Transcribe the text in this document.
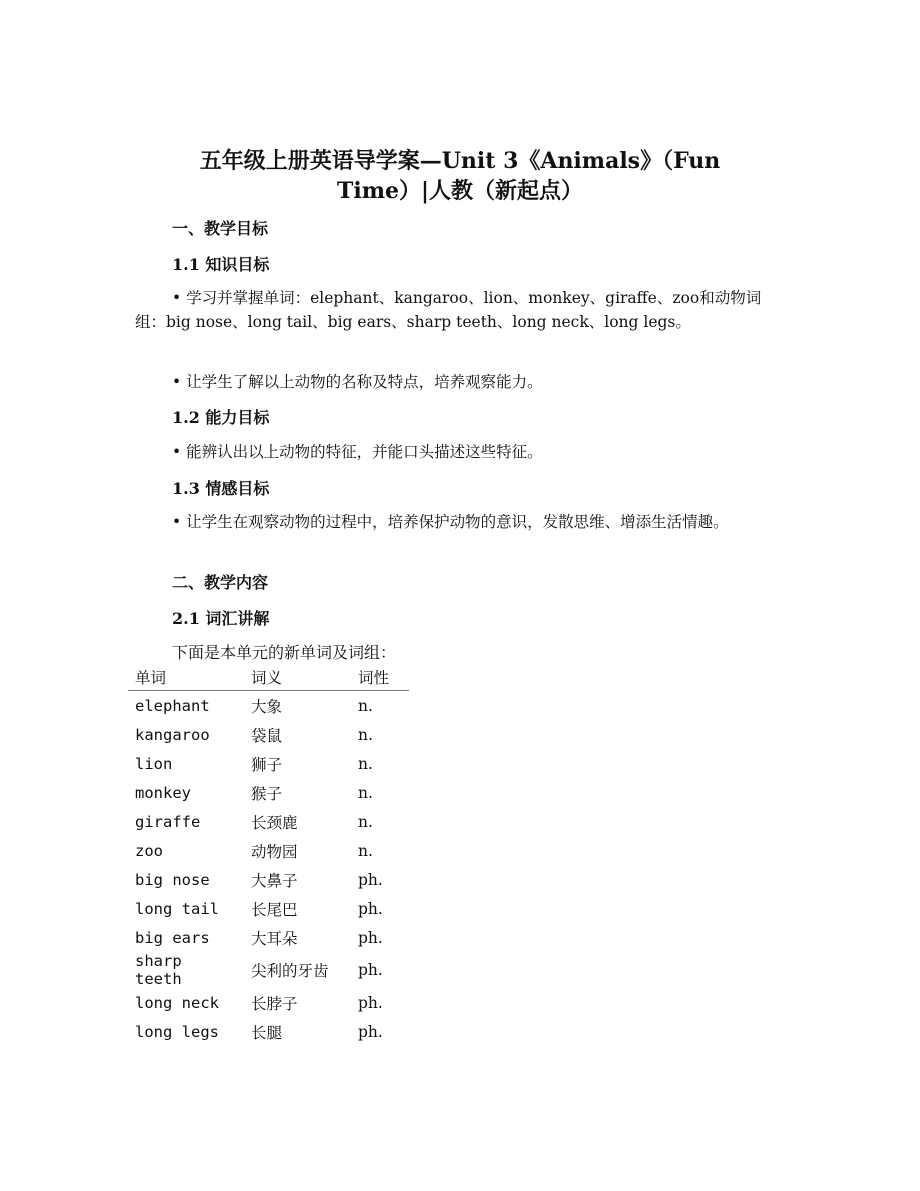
五年级上册英语导学案—Unit 3《Animals》（Fun
Time）|人教（新起点）
一、教学目标
1.1 知识目标
• 学习并掌握单词：elephant、kangaroo、lion、monkey、giraffe、zoo和动物词组：big nose、long tail、big ears、sharp teeth、long neck、long legs。
• 让学生了解以上动物的名称及特点，培养观察能力。
1.2 能力目标
• 能辨认出以上动物的特征，并能口头描述这些特征。
1.3 情感目标
• 让学生在观察动物的过程中，培养保护动物的意识，发散思维、增添生活情趣。
二、教学内容
2.1 词汇讲解
下面是本单元的新单词及词组：
单词	词义	词性
elephant	大象	n.
kangaroo	袋鼠	n.
lion	狮子	n.
monkey	猴子	n.
giraffe	长颈鹿	n.
zoo	动物园	n.
big nose	大鼻子	ph.
long tail	长尾巴	ph.
big ears	大耳朵	ph.
sharp teeth	尖利的牙齿	ph.
long neck	长脖子	ph.
long legs	长腿	ph.
